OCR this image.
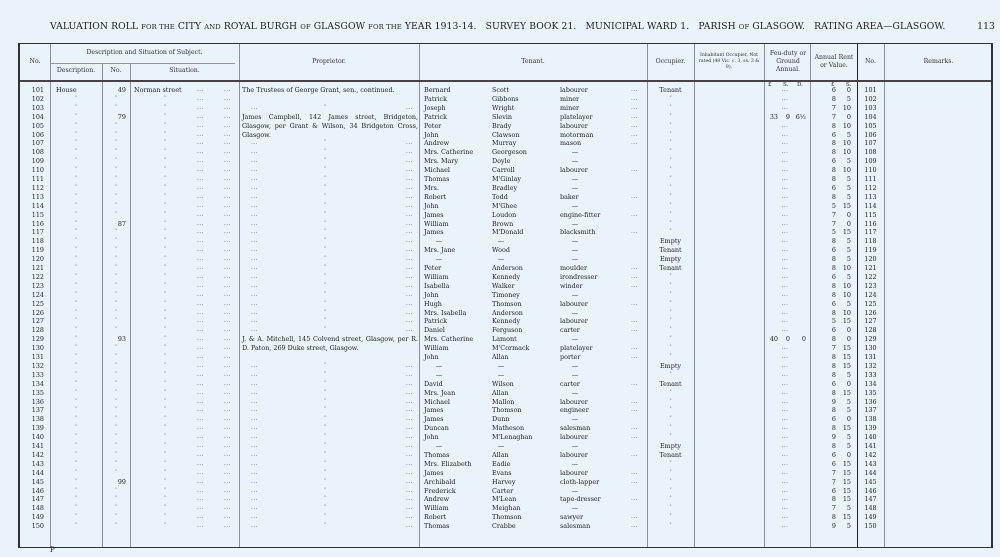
VALUATION ROLL FOR THE CITY AND ROYAL BURGH OF GLASGOW FOR THE YEAR 1913-14.   SURVEY BOOK 21.   MUNICIPAL WARD 1.   PARISH OF GLASGOW.   RATING AREA—GLASGOW.	113
No.
Description and Situation of Subject.
Description.	No.	Situation.
Proprietor.	Tenant.	Occupier.
Inhabitant Occupier, Not rated (48 Vic. c. 3, ss. 3 & 9).
Feu-duty or Ground Annual.
Annual Rent or Value.
No.	Remarks.
£ S. D.	£ S.
The Trustees of George Grant, sen., continued.
James Campbell, 142 James street, Bridgeton, Glasgow, per Grant & Wilson, 34 Bridgeton Cross, Glasgow.
J. & A. Mitchell, 145 Colvend street, Glasgow, per R. D. Paton, 269 Duke street, Glasgow.
101 House	49 Norman street	...	...	Bernard	Scott	labourer	...	Tenant	...	6	0	101
102	"	"	"	...	...	Patrick	Gibbons	miner	...	"	...	8	5	102
103	"	"	"	...	...	...	"	... Joseph	Wright	miner	...	"	...	7	10	103
104	"	79	"	...	...	Patrick	Slevin	platelayer	...	"	33	9 6½	7	0	104
105	"	"	"	...	...	Peter	Brady	labourer	...	"	...	8	10	105
106	"	"	"	...	...	John	Clawson	motorman	...	"	...	6	5	106
107	"	"	"	...	...	...	"	... Andrew	Murray	mason	...	"	...	8	10	107
108	"	"	"	...	...	...	"	... Mrs. Catherine	Georgeson	—	"	...	8	10	108
109	"	"	"	...	...	...	"	... Mrs. Mary	Doyle	—	"	...	6	5	109
110	"	"	"	...	...	...	"	... Michael	Carroll	labourer	...	"	...	8	10	110
111	"	"	"	...	...	...	"	... Thomas	M'Ginlay	—	"	...	8	5	111
112	"	"	"	...	...	...	"	... Mrs.	Bradley	—	"	...	6	5	112
113	"	"	"	...	...	...	"	... Robert	Todd	baker	...	"	...	8	5	113
114	"	"	"	...	...	...	"	... John	M'Ghee	—	"	...	5	15	114
115	"	"	"	...	...	...	"	... James	Loudon	engine-fitter	...	"	...	7	0	115
116	"	87	"	...	...	...	"	... William	Brown	—	"	...	7	0	116
117	"	"	"	...	...	...	"	... James	M'Donald	blacksmith	...	"	...	5	15	117
118	"	"	"	...	...	...	"	...	—	—	—	Empty	...	8	5	118
119	"	"	"	...	...	...	"	... Mrs. Jane	Wood	—	Tenant	...	6	5	119
120	"	"	"	...	...	...	"	...	—	—	—	Empty	...	8	5	120
121	"	"	"	...	...	...	"	... Peter	Anderson	moulder	...	Tenant	...	8	10	121
122	"	"	"	...	...	...	"	... William	Kennedy	irondresser	...	"	...	6	5	122
123	"	"	"	...	...	...	"	... Isabella	Walker	winder	...	"	...	8	10	123
124	"	"	"	...	...	...	"	... John	Timoney	—	"	...	8	10	124
125	"	"	"	...	...	...	"	... Hugh	Thomson	labourer	...	"	...	6	5	125
126	"	"	"	...	...	...	"	... Mrs. Isabella	Anderson	—	"	...	8	10	126
127	"	"	"	...	...	...	"	... Patrick	Kennedy	labourer	...	"	...	5	15	127
128	"	"	"	...	...	...	"	... Daniel	Ferguson	carter	...	"	...	6	0	128
129	"	93	"	...	...	Mrs. Catherine	Lamont	—	"	40	0	0	8	0	129
130	"	"	"	...	...	William	M'Cormack	platelayer	...	"	...	7	15	130
131	"	"	"	...	...	John	Allan	porter	...	"	...	8	15	131
132	"	"	"	...	...	...	"	...	—	—	—	Empty	...	8	15	132
133	"	"	"	...	...	...	"	...	—	—	—	"	...	8	5	133
134	"	"	"	...	...	...	"	... David	Wilson	carter	...	Tenant	...	6	0	134
135	"	"	"	...	...	...	"	... Mrs. Jean	Allan	—	"	...	8	15	135
136	"	"	"	...	...	...	"	... Michael	Mallon	labourer	...	"	...	9	5	136
137	"	"	"	...	...	...	"	... James	Thomson	engineer	...	"	...	8	5	137
138	"	"	"	...	...	...	"	... James	Dunn	—	"	...	6	0	138
139	"	"	"	...	...	...	"	... Duncan	Matheson	salesman	...	"	...	8	15	139
140	"	"	"	...	...	...	"	... John	M'Lenaghan	labourer	...	"	...	9	5	140
141	"	"	"	...	...	...	"	...	—	—	—	Empty	...	8	5	141
142	"	"	"	...	...	...	"	... Thomas	Allan	labourer	...	Tenant	...	6	0	142
143	"	"	"	...	...	...	"	... Mrs. Elizabeth	Eadie	—	"	...	6	15	143
144	"	"	"	...	...	...	"	... James	Evans	labourer	...	"	...	7	15	144
145	"	99	"	...	...	...	"	... Archibald	Harvey	cloth-lapper	...	"	...	7	15	145
146	"	"	"	...	...	...	"	... Frederick	Carter	—	"	...	6	15	146
147	"	"	"	...	...	...	"	... Andrew	M'Lean	tape-dresser	...	"	...	8	15	147
148	"	"	"	...	...	...	"	... William	Meighan	—	"	...	7	5	148
149	"	"	"	...	...	...	"	... Robert	Thomson	sawyer	...	"	...	8	15	149
150	"	"	"	...	...	...	"	... Thomas	Crabbe	salesman	...	"	...	9	5	150
P
